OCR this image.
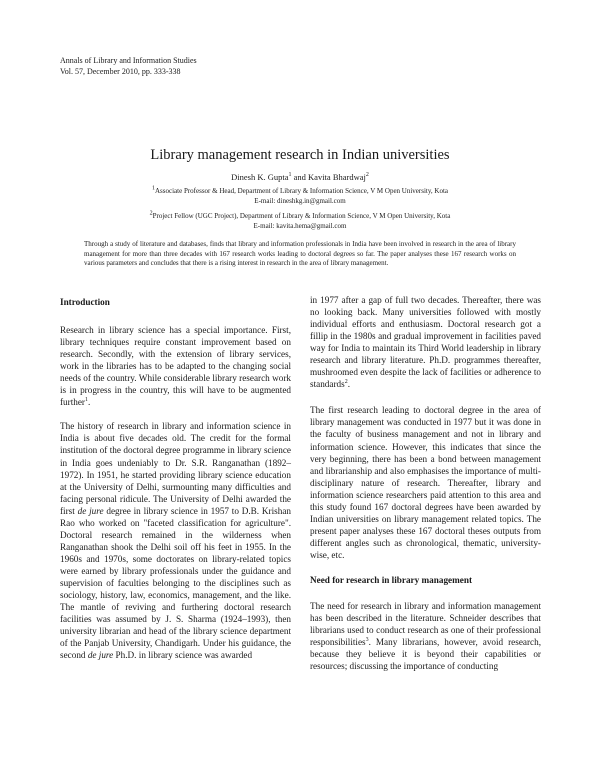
Annals of Library and Information Studies
Vol. 57, December 2010, pp. 333-338
Library management research in Indian universities
Dinesh K. Gupta$^1$ and Kavita Bhardwaj$^2$
$^1$Associate Professor & Head, Department of Library & Information Science, V M Open University, Kota
E-mail: dineshkg.in@gmail.com
$^2$Project Fellow (UGC Project), Department of Library & Information Science, V M Open University, Kota
E-mail: kavita.hema@gmail.com
Through a study of literature and databases, finds that library and information professionals in India have been involved in research in the area of library management for more than three decades with 167 research works leading to doctoral degrees so far. The paper analyses these 167 research works on various parameters and concludes that there is a rising interest in research in the area of library management.
Introduction

Research in library science has a special importance. First, library techniques require constant improvement based on research. Secondly, with the extension of library services, work in the libraries has to be adapted to the changing social needs of the country. While considerable library research work is in progress in the country, this will have to be augmented further$^1$.

The history of research in library and information science in India is about five decades old. The credit for the formal institution of the doctoral degree programme in library science in India goes undeniably to Dr. S.R. Ranganathan (1892–1972). In 1951, he started providing library science education at the University of Delhi, surmounting many difficulties and facing personal ridicule. The University of Delhi awarded the first de jure degree in library science in 1957 to D.B. Krishan Rao who worked on "faceted classification for agriculture". Doctoral research remained in the wilderness when Ranganathan shook the Delhi soil off his feet in 1955. In the 1960s and 1970s, some doctorates on library-related topics were earned by library professionals under the guidance and supervision of faculties belonging to the disciplines such as sociology, history, law, economics, management, and the like. The mantle of reviving and furthering doctoral research facilities was assumed by J. S. Sharma (1924–1993), then university librarian and head of the library science department of the Panjab University, Chandigarh. Under his guidance, the second de jure Ph.D. in library science was awarded

in 1977 after a gap of full two decades. Thereafter, there was no looking back. Many universities followed with mostly individual efforts and enthusiasm. Doctoral research got a fillip in the 1980s and gradual improvement in facilities paved way for India to maintain its Third World leadership in library research and library literature. Ph.D. programmes thereafter, mushroomed even despite the lack of facilities or adherence to standards$^2$.

The first research leading to doctoral degree in the area of library management was conducted in 1977 but it was done in the faculty of business management and not in library and information science. However, this indicates that since the very beginning, there has been a bond between management and librarianship and also emphasises the importance of multi-disciplinary nature of research. Thereafter, library and information science researchers paid attention to this area and this study found 167 doctoral degrees have been awarded by Indian universities on library management related topics. The present paper analyses these 167 doctoral theses outputs from different angles such as chronological, thematic, university-wise, etc.

Need for research in library management

The need for research in library and information management has been described in the literature. Schneider describes that librarians used to conduct research as one of their professional responsibilities$^3$. Many librarians, however, avoid research, because they believe it is beyond their capabilities or resources; discussing the importance of conducting
